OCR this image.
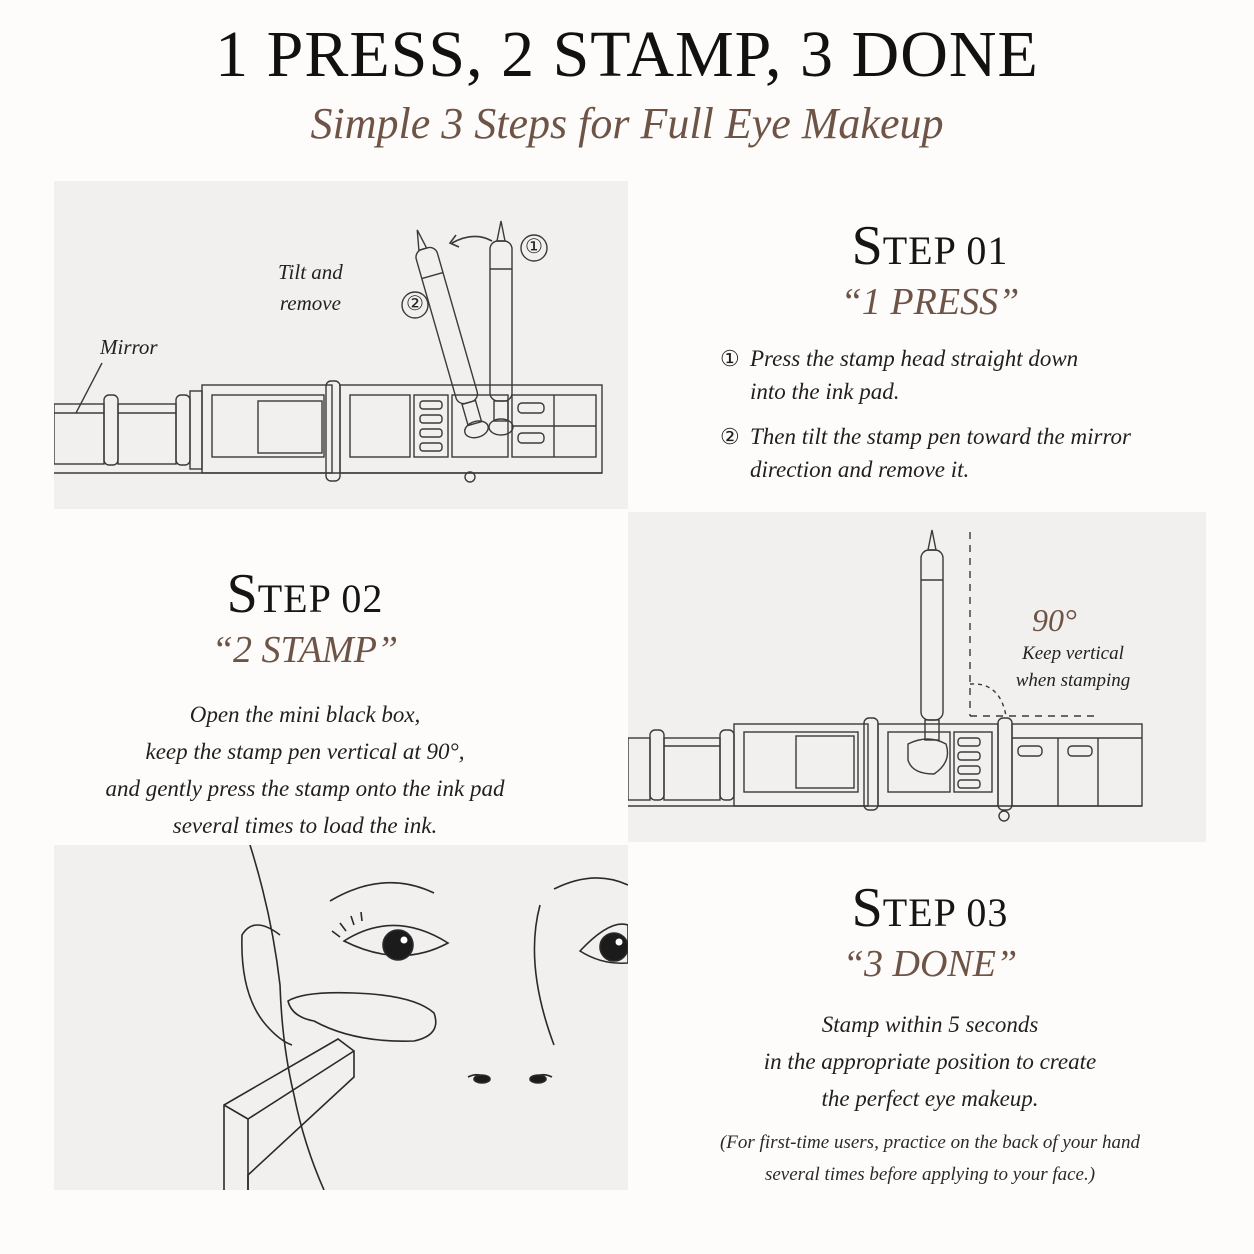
1 PRESS, 2 STAMP, 3 DONE
Simple 3 Steps for Full Eye Makeup
Tilt and
remove
Mirror
①
②
STEP 01
“1 PRESS”
① Press the stamp head straight down
into the ink pad.
② Then tilt the stamp pen toward the mirror
direction and remove it.
STEP 02
“2 STAMP”
Open the mini black box,
keep the stamp pen vertical at 90°,
and gently press the stamp onto the ink pad
several times to load the ink.
90°
Keep vertical
when stamping
STEP 03
“3 DONE”
Stamp within 5 seconds
in the appropriate position to create
the perfect eye makeup.
(For first-time users, practice on the back of your hand
several times before applying to your face.)
